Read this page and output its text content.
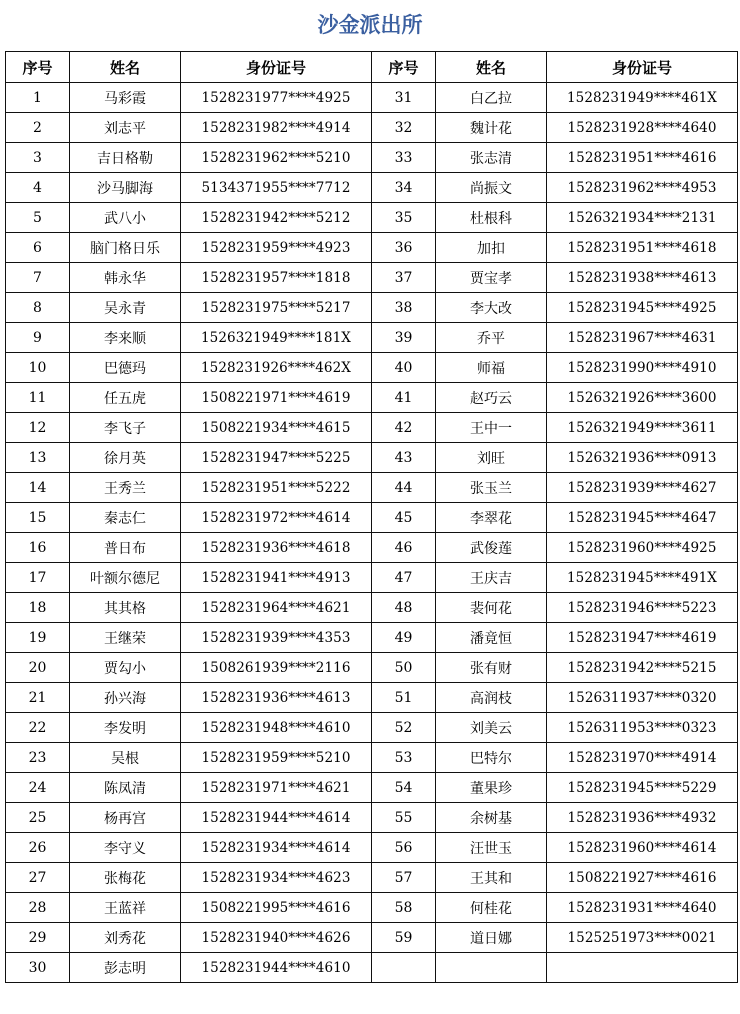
沙金派出所
序号	姓名	身份证号	序号	姓名	身份证号
1	马彩霞	1528231977****4925	31	白乙拉	1528231949****461X
2	刘志平	1528231982****4914	32	魏计花	1528231928****4640
3	吉日格勒	1528231962****5210	33	张志清	1528231951****4616
4	沙马脚海	5134371955****7712	34	尚振文	1528231962****4953
5	武八小	1528231942****5212	35	杜根科	1526321934****2131
6	脑门格日乐	1528231959****4923	36	加扣	1528231951****4618
7	韩永华	1528231957****1818	37	贾宝孝	1528231938****4613
8	吴永青	1528231975****5217	38	李大改	1528231945****4925
9	李来顺	1526321949****181X	39	乔平	1528231967****4631
10	巴德玛	1528231926****462X	40	师福	1528231990****4910
11	任五虎	1508221971****4619	41	赵巧云	1526321926****3600
12	李飞子	1508221934****4615	42	王中一	1526321949****3611
13	徐月英	1528231947****5225	43	刘旺	1526321936****0913
14	王秀兰	1528231951****5222	44	张玉兰	1528231939****4627
15	秦志仁	1528231972****4614	45	李翠花	1528231945****4647
16	普日布	1528231936****4618	46	武俊莲	1528231960****4925
17	叶额尔德尼	1528231941****4913	47	王庆吉	1528231945****491X
18	其其格	1528231964****4621	48	裴何花	1528231946****5223
19	王继荣	1528231939****4353	49	潘竟恒	1528231947****4619
20	贾勾小	1508261939****2116	50	张有财	1528231942****5215
21	孙兴海	1528231936****4613	51	高润枝	1526311937****0320
22	李发明	1528231948****4610	52	刘美云	1526311953****0323
23	吴根	1528231959****5210	53	巴特尔	1528231970****4914
24	陈凤清	1528231971****4621	54	董果珍	1528231945****5229
25	杨再宫	1528231944****4614	55	余树基	1528231936****4932
26	李守义	1528231934****4614	56	汪世玉	1528231960****4614
27	张梅花	1528231934****4623	57	王其和	1508221927****4616
28	王蓝祥	1508221995****4616	58	何桂花	1528231931****4640
29	刘秀花	1528231940****4626	59	道日娜	1525251973****0021
30	彭志明	1528231944****4610			
